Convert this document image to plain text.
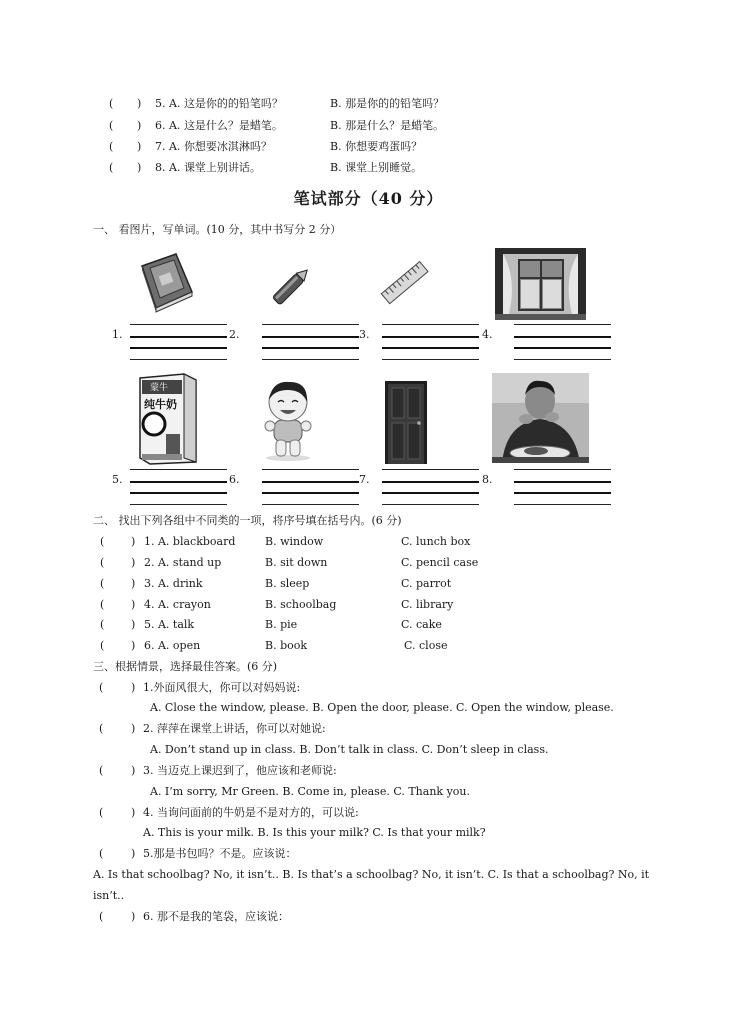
( ) 5. A. 这是你的的铅笔吗？	B. 那是你的的铅笔吗？
( ) 6. A. 这是什么？是蜡笔。	B. 那是什么？是蜡笔。
( ) 7. A. 你想要冰淇淋吗？	B. 你想要鸡蛋吗？
( ) 8. A. 课堂上别讲话。	B. 课堂上别睡觉。
笔试部分（40 分）
一、 看图片，写单词。(10 分，其中书写分 2 分）
1.	2.	3.	4.
蒙牛
纯牛奶
5.	6.	7.	8.
二、 找出下列各组中不同类的一项，将序号填在括号内。(6 分)
( ) 1. A. blackboard	B. window	C. lunch box
( ) 2. A. stand up	B. sit down	C. pencil case
( ) 3. A. drink	B. sleep	C. parrot
( ) 4. A. crayon	B. schoolbag	C. library
( ) 5. A. talk	B. pie	C. cake
( ) 6. A. open	B. book	C. close
三、根据情景，选择最佳答案。(6 分)
(	) 1.外面风很大，你可以对妈妈说:
A. Close the window, please. B. Open the door, please. C. Open the window, please.
(	) 2. 萍萍在课堂上讲话，你可以对她说:
A. Don’t stand up in class. B. Don’t talk in class. C. Don’t sleep in class.
(	) 3. 当迈克上课迟到了，他应该和老师说:
A. I’m sorry, Mr Green. B. Come in, please. C. Thank you.
(	) 4. 当询问面前的牛奶是不是对方的，可以说:
A. This is your milk. B. Is this your milk? C. Is that your milk?
(	) 5.那是书包吗？不是。应该说：
A. Is that schoolbag? No, it isn’t.. B. Is that’s a schoolbag? No, it isn’t. C. Is that a schoolbag? No, it
isn’t..
(	) 6. 那不是我的笔袋，应该说：
